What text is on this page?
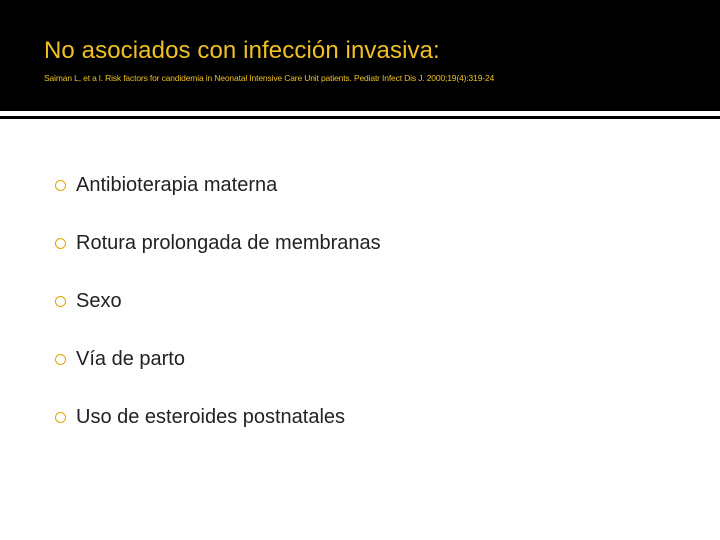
No asociados con infección invasiva:

Saiman L, et a l. Risk factors for candidemia in Neonatal Intensive Care Unit patients. Pediatr Infect Dis J. 2000;19(4):319-24

Antibioterapia materna
Rotura prolongada de membranas
Sexo
Vía de parto
Uso de esteroides postnatales
